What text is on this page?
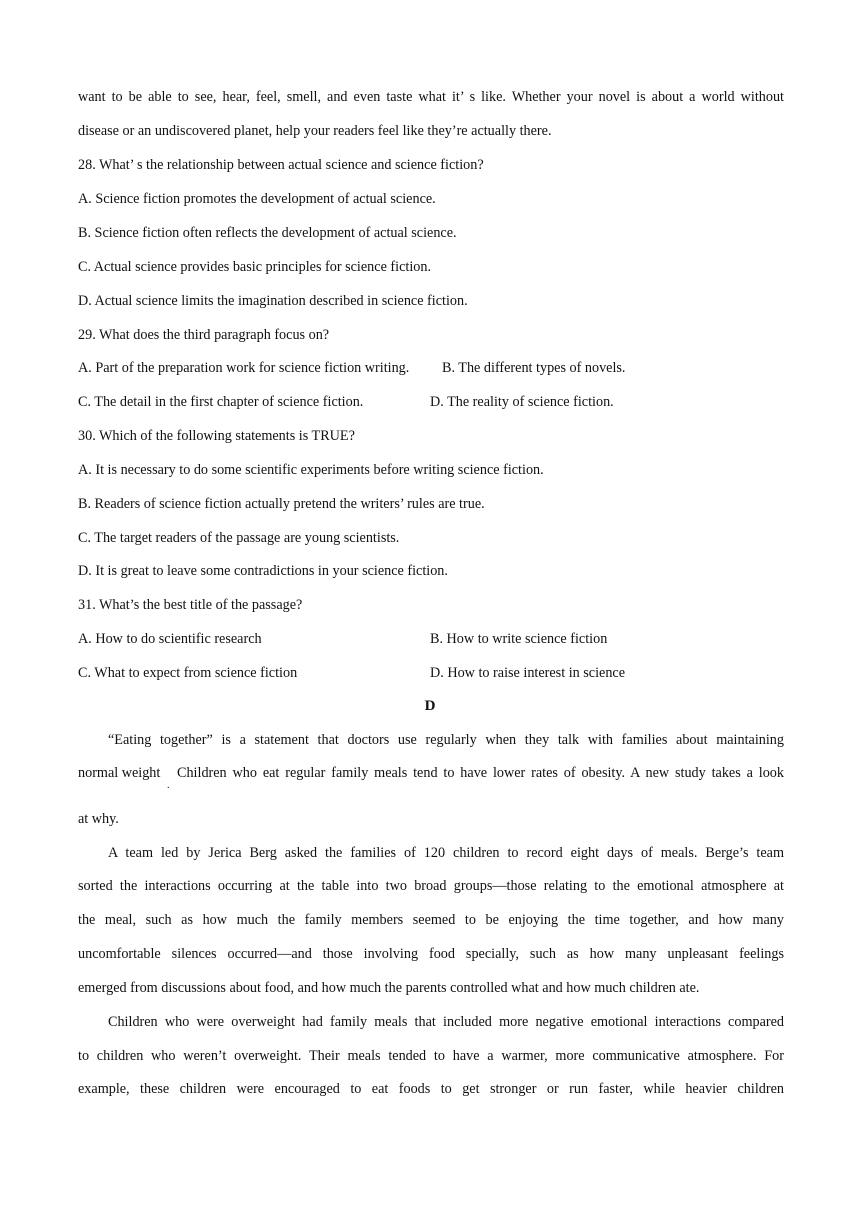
want to be able to see, hear, feel, smell, and even taste what it’ s like. Whether your novel is about a world without
disease or an undiscovered planet, help your readers feel like they’re actually there.
28. What’ s the relationship between actual science and science fiction?
A. Science fiction promotes the development of actual science.
B. Science fiction often reflects the development of actual science.
C. Actual science provides basic principles for science fiction.
D. Actual science limits the imagination described in science fiction.
29. What does the third paragraph focus on?
A. Part of the preparation work for science fiction writing.	B. The different types of novels.
C. The detail in the first chapter of science fiction.	D. The reality of science fiction.
30. Which of the following statements is TRUE?
A. It is necessary to do some scientific experiments before writing science fiction.
B. Readers of science fiction actually pretend the writers’ rules are true.
C. The target readers of the passage are young scientists.
D. It is great to leave some contradictions in your science fiction.
31. What’s the best title of the passage?
A. How to do scientific research	B. How to write science fiction
C. What to expect from science fiction	D. How to raise interest in science
D
“Eating together” is a statement that doctors use regularly when they talk with families about maintaining
normal weight Children who eat regular family meals tend to have lower rates of obesity. A new study takes a look
.
at why.
A team led by Jerica Berg asked the families of 120 children to record eight days of meals. Berge’s team
sorted the interactions occurring at the table into two broad groups—those relating to the emotional atmosphere at
the meal, such as how much the family members seemed to be enjoying the time together, and how many
uncomfortable silences occurred—and those involving food specially, such as how many unpleasant feelings
emerged from discussions about food, and how much the parents controlled what and how much children ate.
Children who were overweight had family meals that included more negative emotional interactions compared
to children who weren’t overweight. Their meals tended to have a warmer, more communicative atmosphere. For
example, these children were encouraged to eat foods to get stronger or run faster, while heavier children
